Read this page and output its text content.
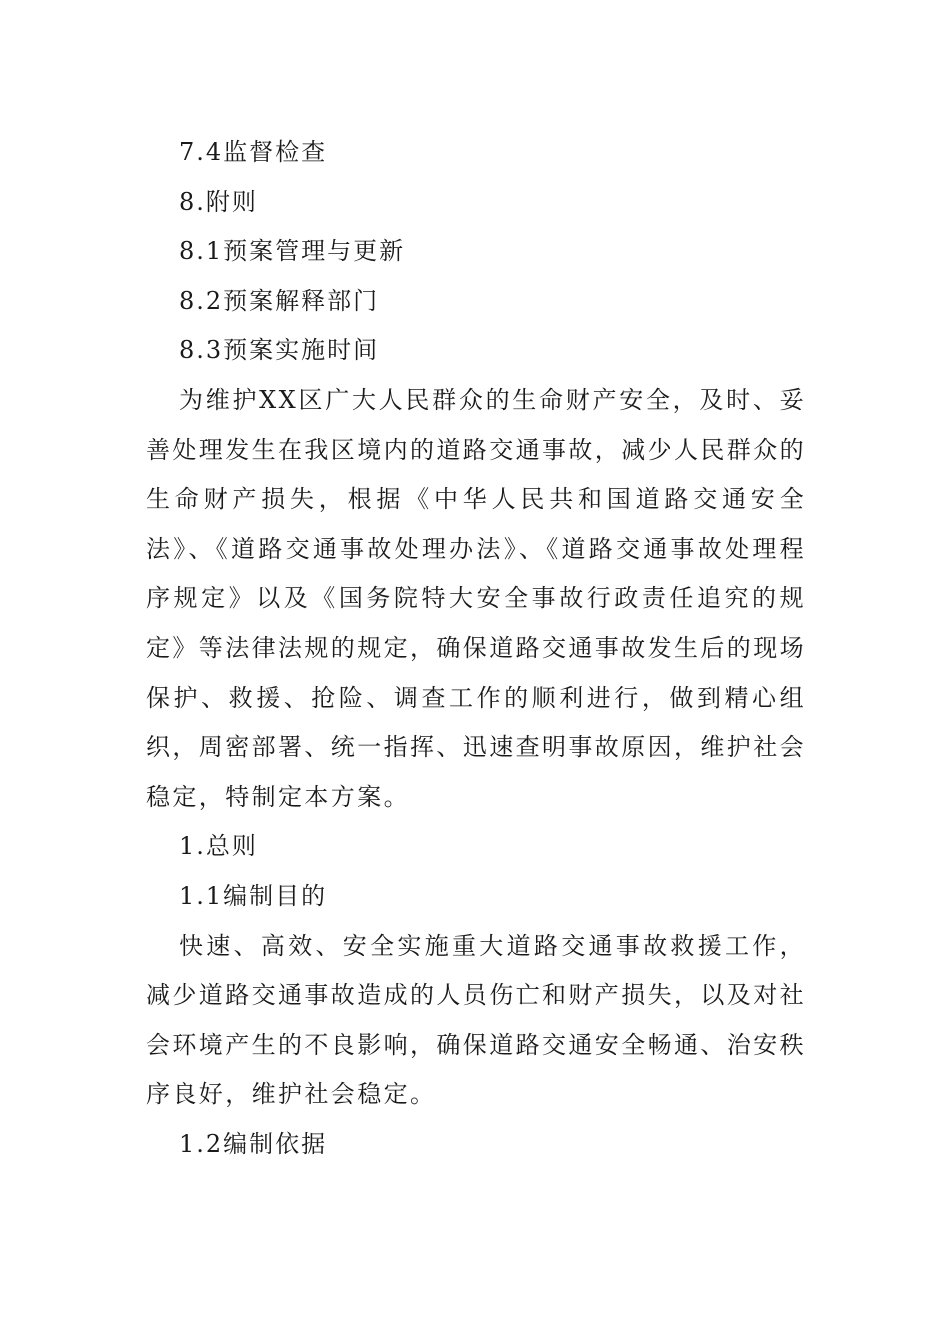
7.4监督检查
8.附则
8.1预案管理与更新
8.2预案解释部门
8.3预案实施时间
为维护XX区广大人民群众的生命财产安全，及时、妥善处理发生在我区境内的道路交通事故，减少人民群众的生命财产损失，根据《中华人民共和国道路交通安全法》、《道路交通事故处理办法》、《道路交通事故处理程序规定》以及《国务院特大安全事故行政责任追究的规定》等法律法规的规定，确保道路交通事故发生后的现场保护、救援、抢险、调查工作的顺利进行，做到精心组织，周密部署、统一指挥、迅速查明事故原因，维护社会稳定，特制定本方案。
1.总则
1.1编制目的
快速、高效、安全实施重大道路交通事故救援工作，减少道路交通事故造成的人员伤亡和财产损失，以及对社会环境产生的不良影响，确保道路交通安全畅通、治安秩序良好，维护社会稳定。
1.2编制依据
